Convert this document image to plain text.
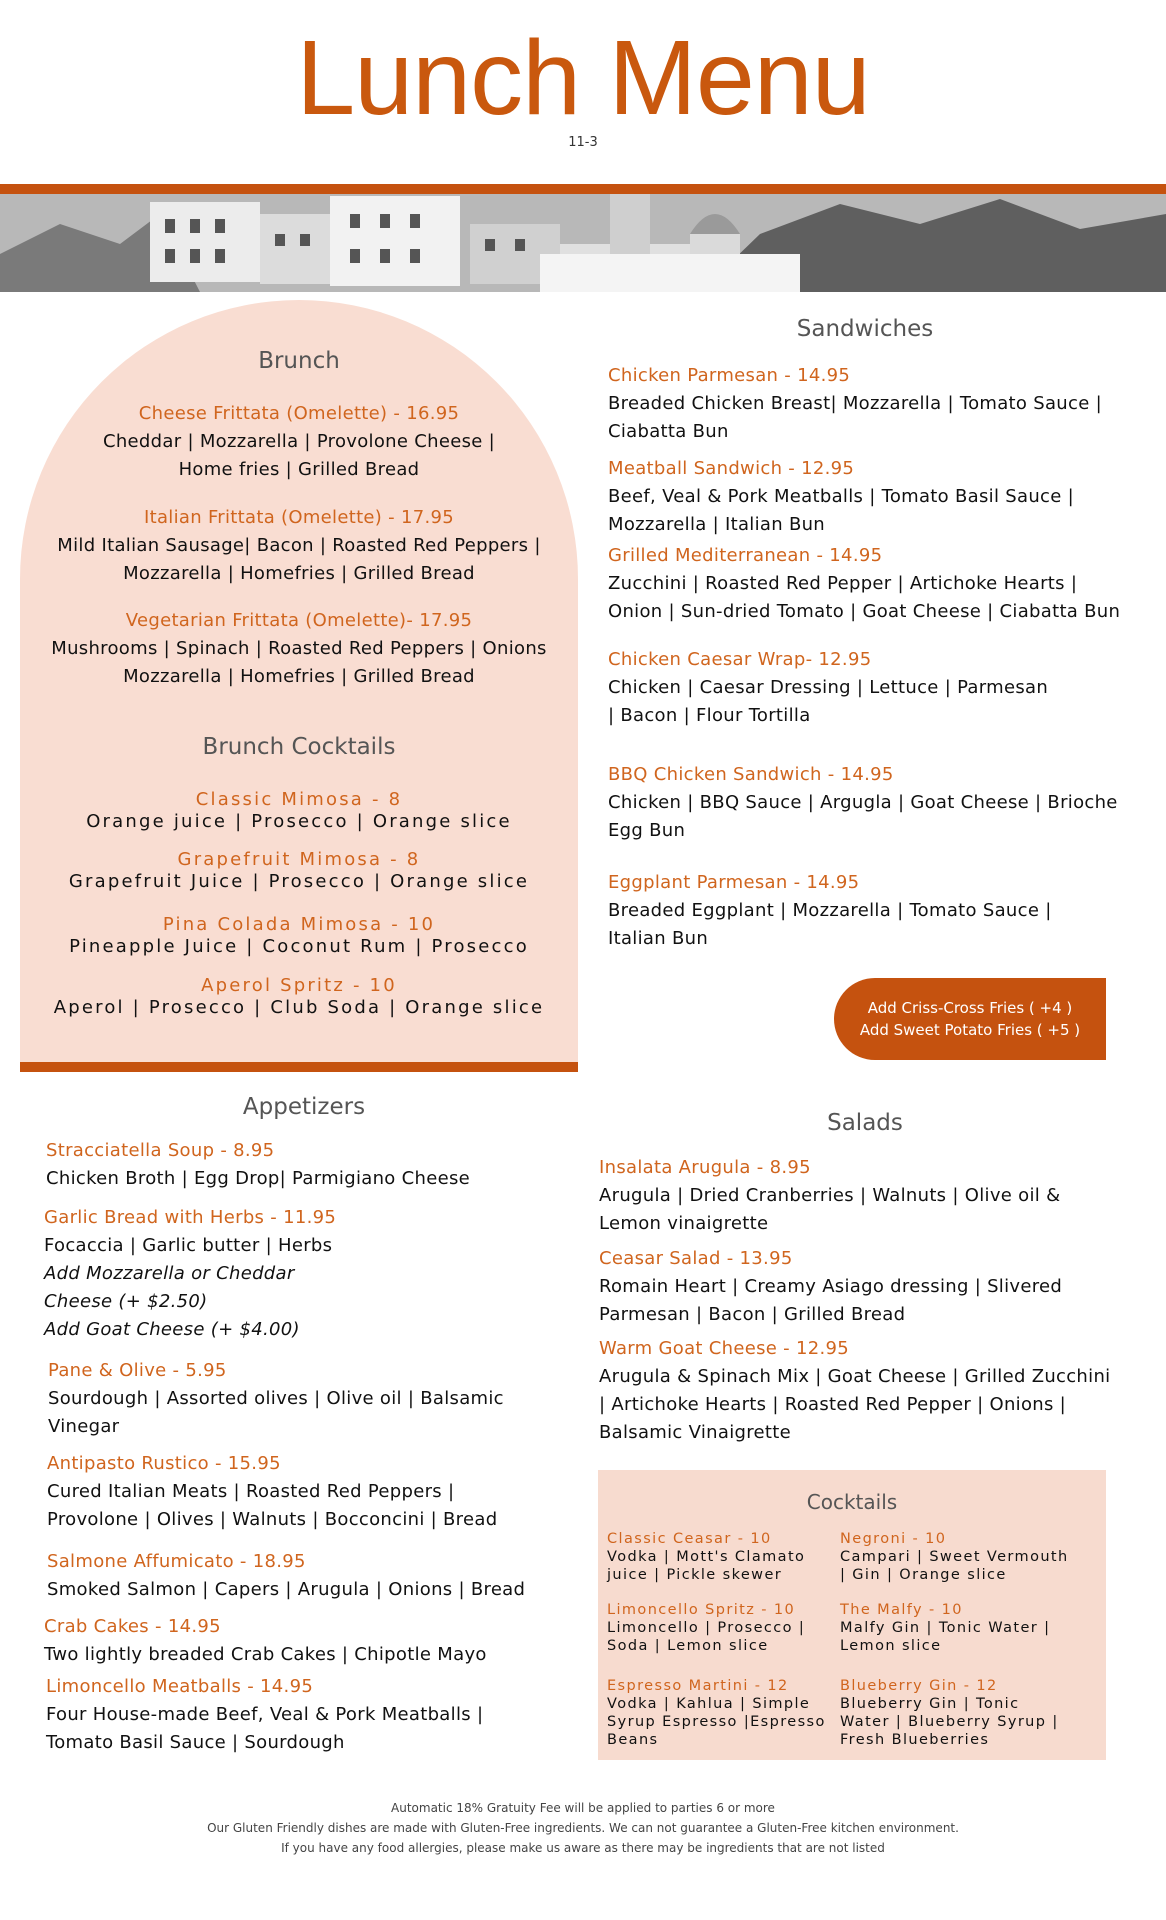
Lunch Menu
11-3
Brunch
Cheese Frittata (Omelette) - 16.95
Cheddar | Mozzarella | Provolone Cheese |
Home fries | Grilled Bread
Italian Frittata (Omelette) - 17.95
Mild Italian Sausage| Bacon | Roasted Red Peppers |
Mozzarella | Homefries | Grilled Bread
Vegetarian Frittata (Omelette)- 17.95
Mushrooms | Spinach | Roasted Red Peppers | Onions
Mozzarella | Homefries | Grilled Bread
Brunch Cocktails
Classic Mimosa - 8
Orange juice | Prosecco | Orange slice
Grapefruit Mimosa - 8
Grapefruit Juice | Prosecco | Orange slice
Pina Colada Mimosa - 10
Pineapple Juice | Coconut Rum | Prosecco
Aperol Spritz - 10
Aperol | Prosecco | Club Soda | Orange slice
Sandwiches
Chicken Parmesan - 14.95
Breaded Chicken Breast| Mozzarella | Tomato Sauce |
Ciabatta Bun
Meatball Sandwich - 12.95
Beef, Veal & Pork Meatballs | Tomato Basil Sauce |
Mozzarella | Italian Bun
Grilled Mediterranean - 14.95
Zucchini | Roasted Red Pepper | Artichoke Hearts |
Onion | Sun-dried Tomato | Goat Cheese | Ciabatta Bun
Chicken Caesar Wrap- 12.95
Chicken | Caesar Dressing | Lettuce | Parmesan
| Bacon | Flour Tortilla
BBQ Chicken Sandwich - 14.95
Chicken | BBQ Sauce | Argugla | Goat Cheese | Brioche
Egg Bun
Eggplant Parmesan - 14.95
Breaded Eggplant | Mozzarella | Tomato Sauce |
Italian Bun
Add Criss-Cross Fries ( +4 )
Add Sweet Potato Fries ( +5 )
Appetizers
Stracciatella Soup - 8.95
Chicken Broth | Egg Drop| Parmigiano Cheese
Garlic Bread with Herbs - 11.95
Focaccia | Garlic butter | Herbs
Add Mozzarella or Cheddar
Cheese (+ $2.50)
Add Goat Cheese (+ $4.00)
Pane & Olive - 5.95
Sourdough | Assorted olives | Olive oil | Balsamic
Vinegar
Antipasto Rustico - 15.95
Cured Italian Meats | Roasted Red Peppers |
Provolone | Olives | Walnuts | Bocconcini | Bread
Salmone Affumicato - 18.95
Smoked Salmon | Capers | Arugula | Onions | Bread
Crab Cakes - 14.95
Two lightly breaded Crab Cakes | Chipotle Mayo
Limoncello Meatballs - 14.95
Four House-made Beef, Veal & Pork Meatballs |
Tomato Basil Sauce | Sourdough
Salads
Insalata Arugula - 8.95
Arugula | Dried Cranberries | Walnuts | Olive oil &
Lemon vinaigrette
Ceasar Salad - 13.95
Romain Heart | Creamy Asiago dressing | Slivered
Parmesan | Bacon | Grilled Bread
Warm Goat Cheese - 12.95
Arugula & Spinach Mix | Goat Cheese | Grilled Zucchini
| Artichoke Hearts | Roasted Red Pepper | Onions |
Balsamic Vinaigrette
Cocktails
Classic Ceasar - 10
Vodka | Mott's Clamato
juice | Pickle skewer
Negroni - 10
Campari | Sweet Vermouth
| Gin | Orange slice
Limoncello Spritz - 10
Limoncello | Prosecco |
Soda | Lemon slice
The Malfy - 10
Malfy Gin | Tonic Water |
Lemon slice
Espresso Martini - 12
Vodka | Kahlua | Simple
Syrup Espresso |Espresso
Beans
Blueberry Gin - 12
Blueberry Gin | Tonic
Water | Blueberry Syrup |
Fresh Blueberries
Automatic 18% Gratuity Fee will be applied to parties 6 or more
Our Gluten Friendly dishes are made with Gluten-Free ingredients. We can not guarantee a Gluten-Free kitchen environment.
If you have any food allergies, please make us aware as there may be ingredients that are not listed
